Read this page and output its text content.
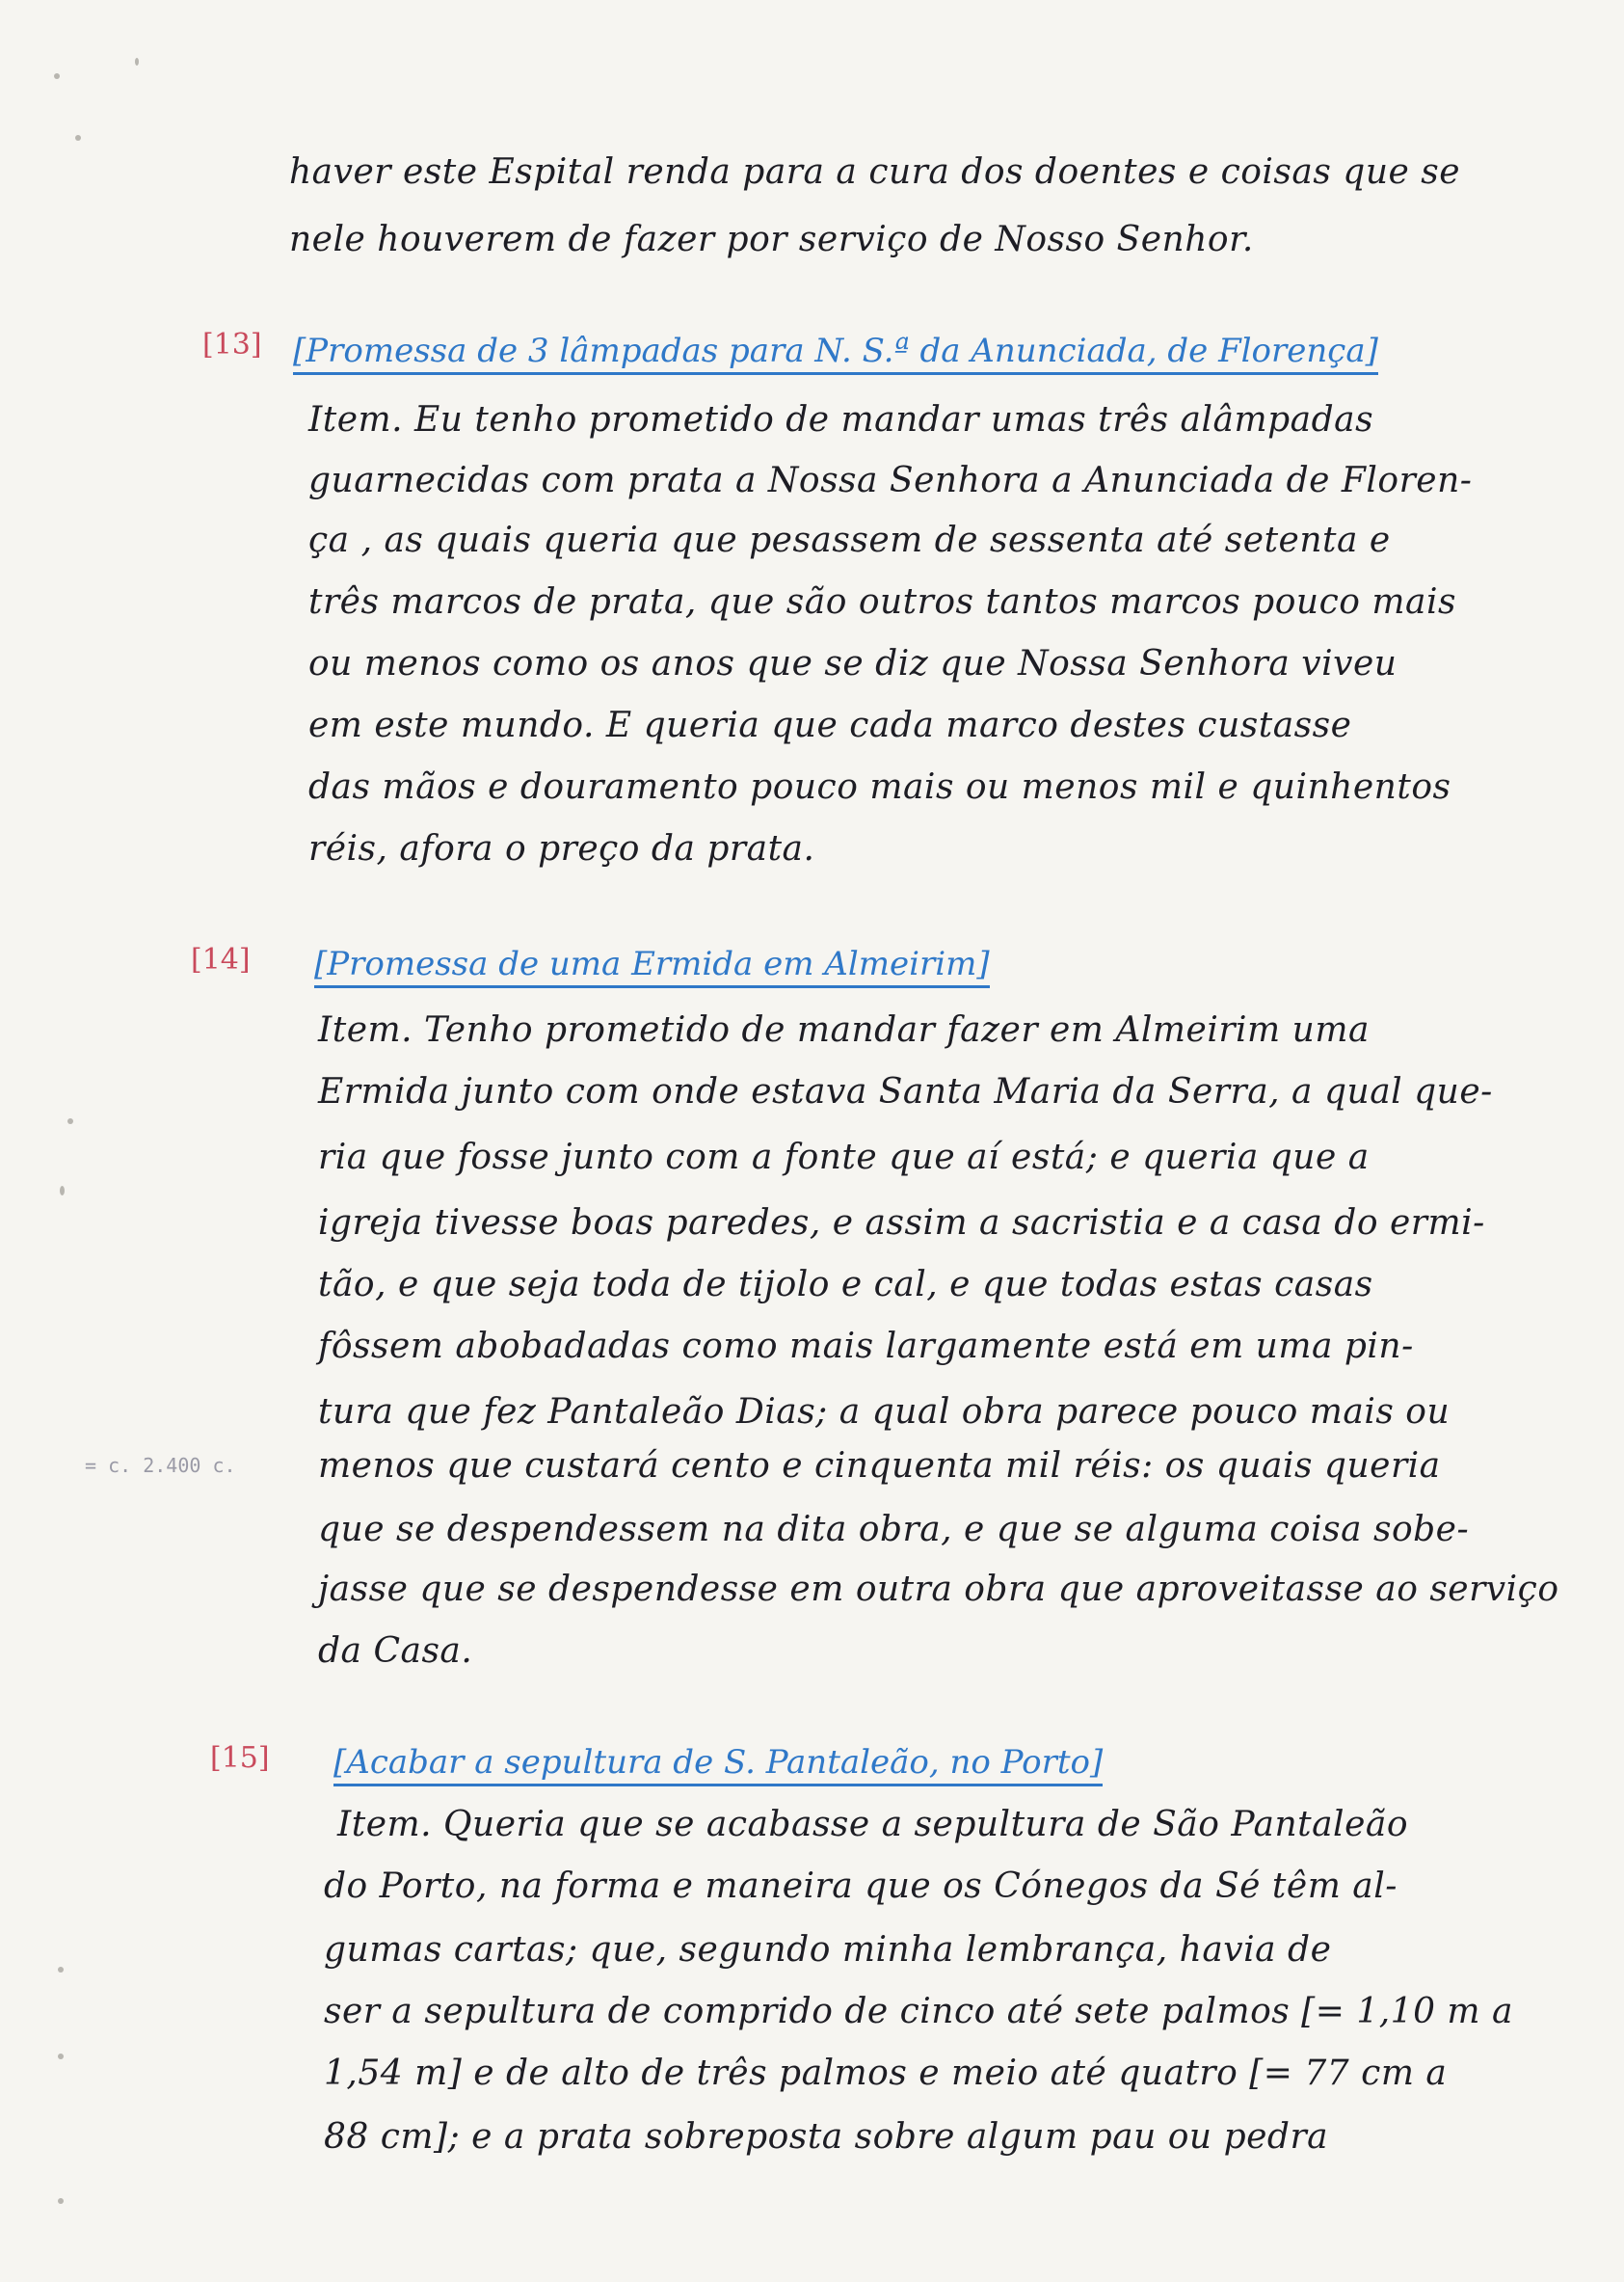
haver este Espital renda para a cura dos doentes e coisas que se
nele houverem de fazer por serviço de Nosso Senhor.
[13] [Promessa de 3 lâmpadas para N. S.ª da Anunciada, de Florença]
Item. Eu tenho prometido de mandar umas três alâmpadas
guarnecidas com prata a Nossa Senhora a Anunciada de Floren-
ça , as quais queria que pesassem de sessenta até setenta e
três marcos de prata, que são outros tantos marcos pouco mais
ou menos como os anos que se diz que Nossa Senhora viveu
em este mundo. E queria que cada marco destes custasse
das mãos e douramento pouco mais ou menos mil e quinhentos
réis, afora o preço da prata.
[14] [Promessa de uma Ermida em Almeirim]
Item. Tenho prometido de mandar fazer em Almeirim uma
Ermida junto com onde estava Santa Maria da Serra, a qual que-
ria que fosse junto com a fonte que aí está; e queria que a
igreja tivesse boas paredes, e assim a sacristia e a casa do ermi-
tão, e que seja toda de tijolo e cal, e que todas estas casas
fôssem abobadadas como mais largamente está em uma pin-
tura que fez Pantaleão Dias; a qual obra parece pouco mais ou
= c. 2.400 c. menos que custará cento e cinquenta mil réis: os quais queria
que se despendessem na dita obra, e que se alguma coisa sobe-
jasse que se despendesse em outra obra que aproveitasse ao serviço
da Casa.
[15] [Acabar a sepultura de S. Pantaleão, no Porto]
Item. Queria que se acabasse a sepultura de São Pantaleão
do Porto, na forma e maneira que os Cónegos da Sé têm al-
gumas cartas; que, segundo minha lembrança, havia de
ser a sepultura de comprido de cinco até sete palmos [= 1,10 m a
1,54 m] e de alto de três palmos e meio até quatro [= 77 cm a
88 cm]; e a prata sobreposta sobre algum pau ou pedra
